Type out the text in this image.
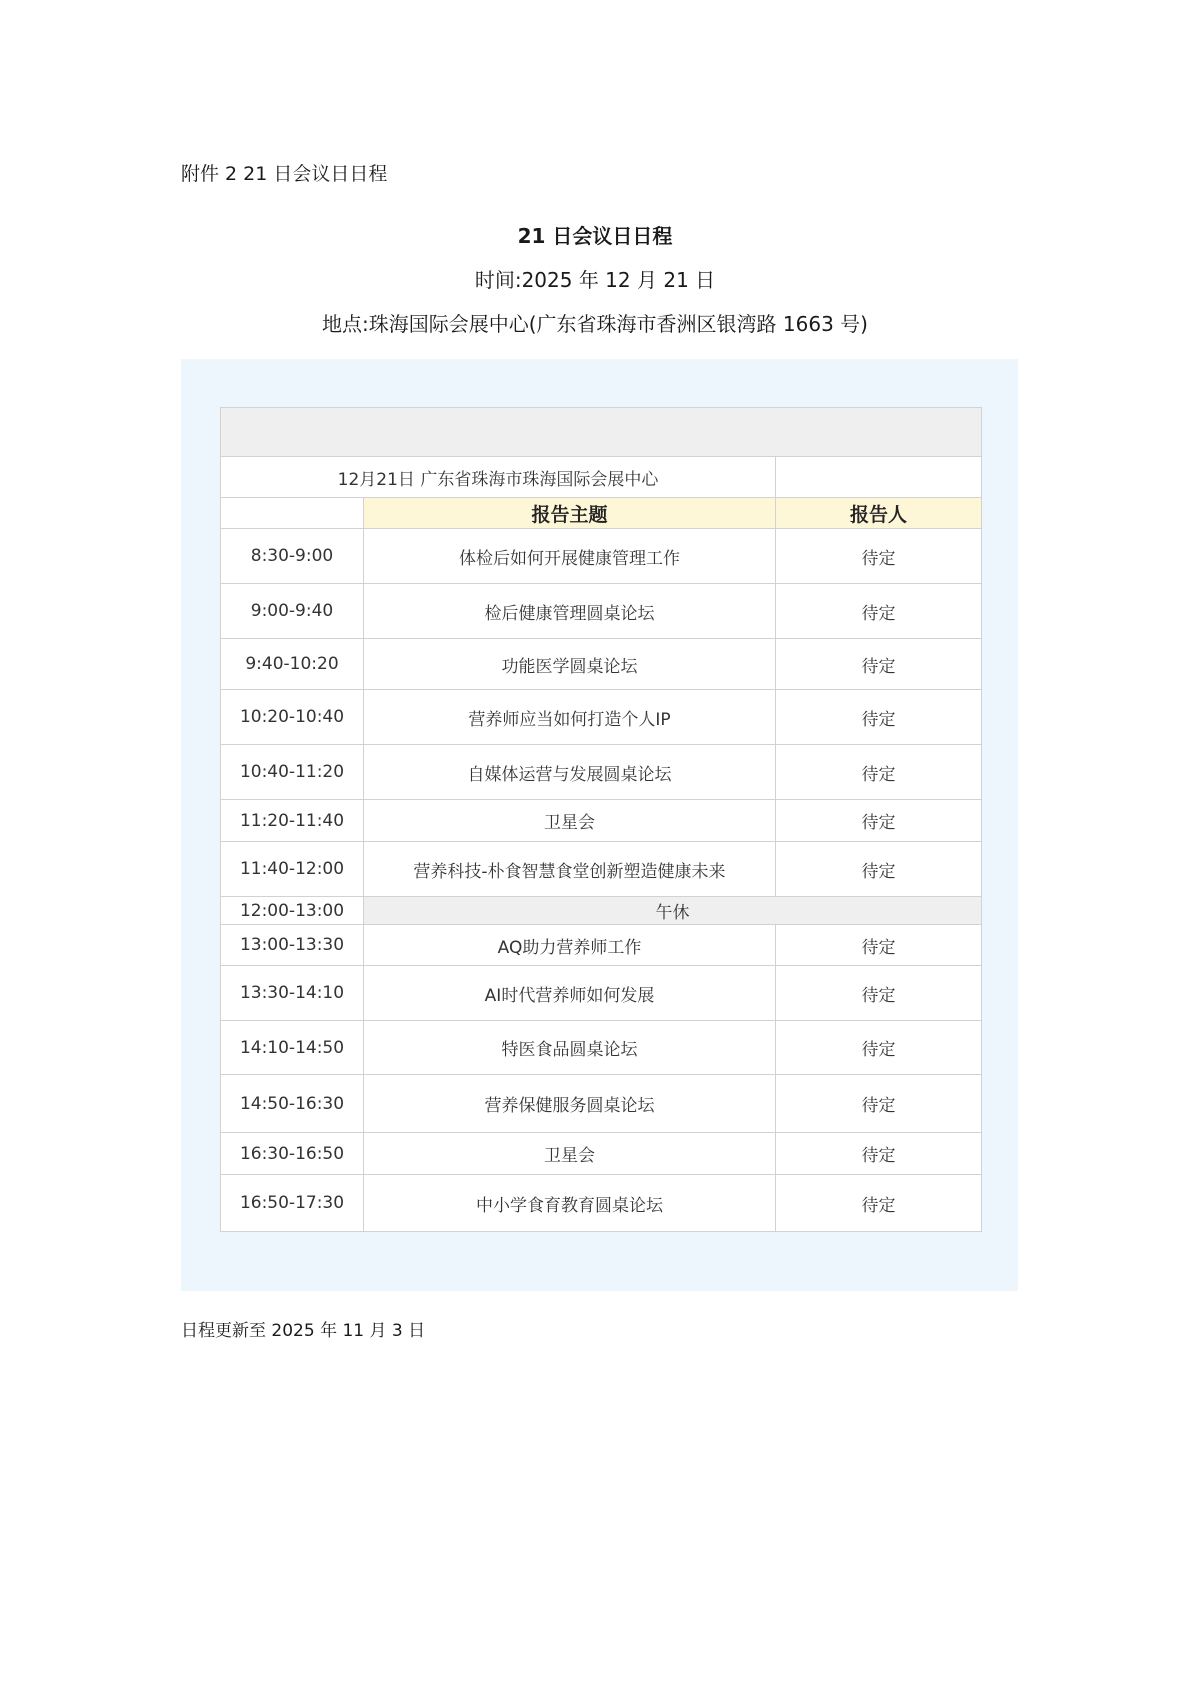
附件 2 21 日会议日日程
21 日会议日日程
时间:2025 年 12 月 21 日
地点:珠海国际会展中心(广东省珠海市香洲区银湾路 1663 号)

12月21日 广东省珠海市珠海国际会展中心		
	报告主题	报告人
8:30-9:00	体检后如何开展健康管理工作	待定
9:00-9:40	检后健康管理圆桌论坛	待定
9:40-10:20	功能医学圆桌论坛	待定
10:20-10:40	营养师应当如何打造个人IP	待定
10:40-11:20	自媒体运营与发展圆桌论坛	待定
11:20-11:40	卫星会	待定
11:40-12:00	营养科技-朴食智慧食堂创新塑造健康未来	待定
12:00-13:00	午休	
13:00-13:30	AQ助力营养师工作	待定
13:30-14:10	AI时代营养师如何发展	待定
14:10-14:50	特医食品圆桌论坛	待定
14:50-16:30	营养保健服务圆桌论坛	待定
16:30-16:50	卫星会	待定
16:50-17:30	中小学食育教育圆桌论坛	待定
日程更新至 2025 年 11 月 3 日
